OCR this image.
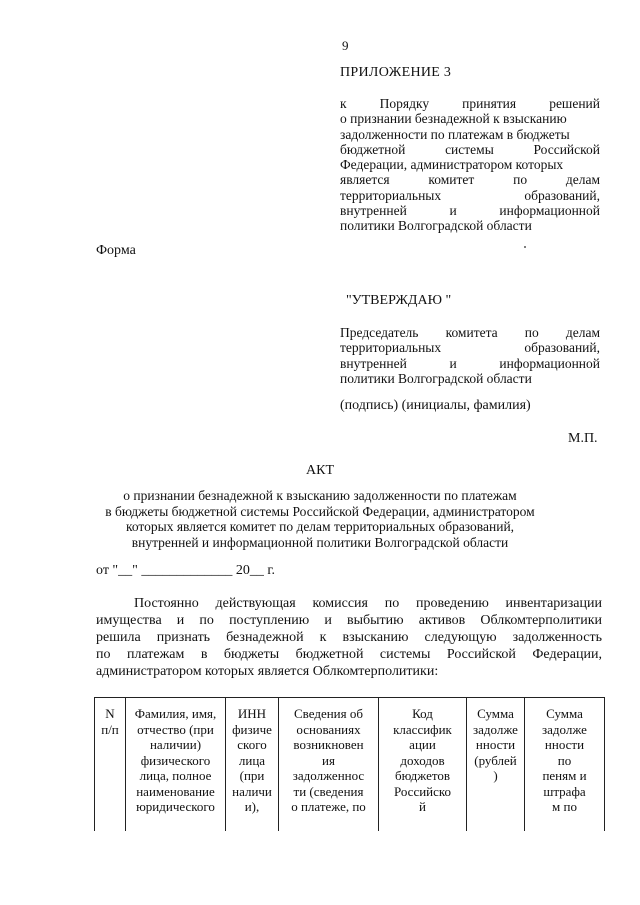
9
ПРИЛОЖЕНИЕ 3
к Порядку принятия решений
о признании безнадежной к взысканию
задолженности по платежам в бюджеты
бюджетной системы Российской
Федерации, администратором которых
является комитет по делам
территориальных образований,
внутренней и информационной
политики Волгоградской области
Форма
"УТВЕРЖДАЮ "
Председатель комитета по делам
территориальных образований,
внутренней и информационной
политики Волгоградской области
(подпись) (инициалы, фамилия)
М.П.
АКТ
о признании безнадежной к взысканию задолженности по платежам
в бюджеты бюджетной системы Российской Федерации, администратором
которых является комитет по делам территориальных образований,
внутренней и информационной политики Волгоградской области
от "__" _____________ 20__ г.
Постоянно действующая комиссия по проведению инвентаризации
имущества и по поступлению и выбытию активов Облкомтерполитики
решила признать безнадежной к взысканию следующую задолженность
по платежам в бюджеты бюджетной системы Российской Федерации,
администратором которых является Облкомтерполитики:
N
п/п
Фамилия, имя,
отчество (при
наличии)
физического
лица, полное
наименование
юридического
ИНН
физиче
ского
лица
(при
наличи
и),
Сведения об
основаниях
возникновен
ия
задолженнос
ти (сведения
о платеже, по
Код
классифик
ации
доходов
бюджетов
Российско
й
Сумма
задолже
нности
(рублей
)
Сумма
задолже
нности
по
пеням и
штрафа
м по
